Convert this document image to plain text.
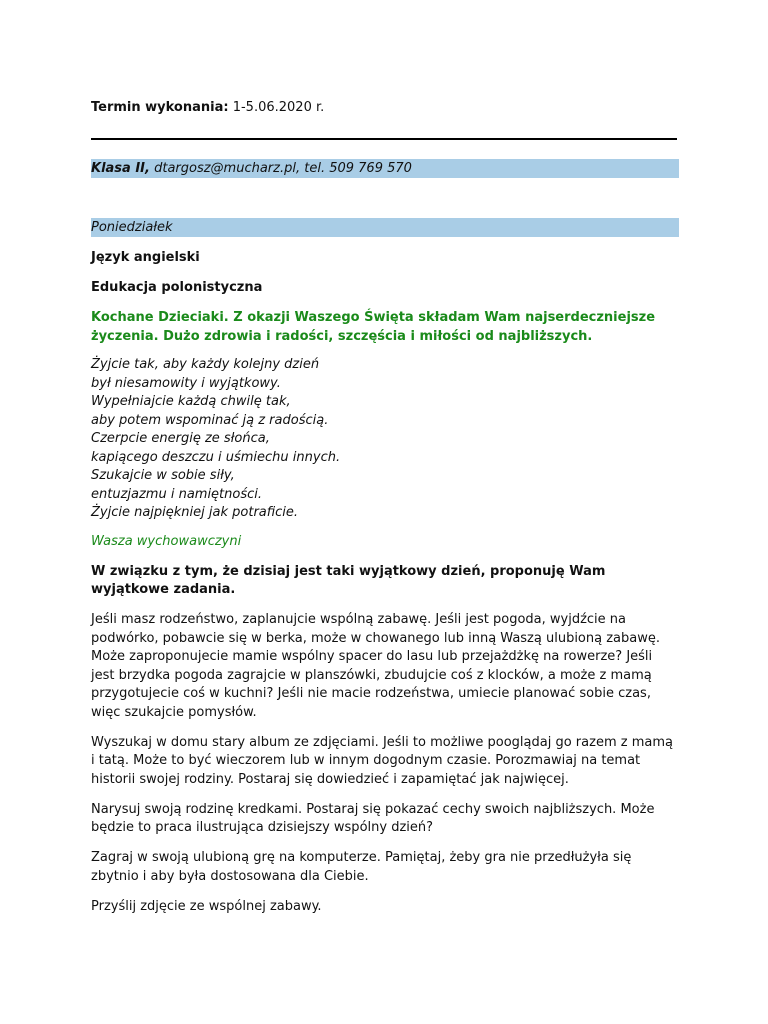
Termin wykonania: 1-5.06.2020 r.
Klasa II, dtargosz@mucharz.pl, tel. 509 769 570
Poniedziałek

Język angielski

Edukacja polonistyczna

Kochane Dzieciaki. Z okazji Waszego Święta składam Wam najserdeczniejsze życzenia. Dużo zdrowia i radości, szczęścia i miłości od najbliższych.

Żyjcie tak, aby każdy kolejny dzień
był niesamowity i wyjątkowy.
Wypełniajcie każdą chwilę tak,
aby potem wspominać ją z radością.
Czerpcie energię ze słońca,
kapiącego deszczu i uśmiechu innych.
Szukajcie w sobie siły,
entuzjazmu i namiętności.
Żyjcie najpiękniej jak potraficie.

Wasza wychowawczyni

W związku z tym, że dzisiaj jest taki wyjątkowy dzień, proponuję Wam wyjątkowe zadania.

Jeśli masz rodzeństwo, zaplanujcie wspólną zabawę. Jeśli jest pogoda, wyjdźcie na podwórko, pobawcie się w berka, może w chowanego lub inną Waszą ulubioną zabawę. Może zaproponujecie mamie wspólny spacer do lasu lub przejażdżkę na rowerze? Jeśli jest brzydka pogoda zagrajcie w planszówki, zbudujcie coś z klocków, a może z mamą przygotujecie coś w kuchni? Jeśli nie macie rodzeństwa, umiecie planować sobie czas, więc szukajcie pomysłów.

Wyszukaj w domu stary album ze zdjęciami. Jeśli to możliwe pooglądaj go razem z mamą i tatą. Może to być wieczorem lub w innym dogodnym czasie. Porozmawiaj na temat historii swojej rodziny. Postaraj się dowiedzieć i zapamiętać jak najwięcej.

Narysuj swoją rodzinę kredkami. Postaraj się pokazać cechy swoich najbliższych. Może będzie to praca ilustrująca dzisiejszy wspólny dzień?

Zagraj w swoją ulubioną grę na komputerze. Pamiętaj, żeby gra nie przedłużyła się zbytnio i aby była dostosowana dla Ciebie.

Przyślij zdjęcie ze wspólnej zabawy.
